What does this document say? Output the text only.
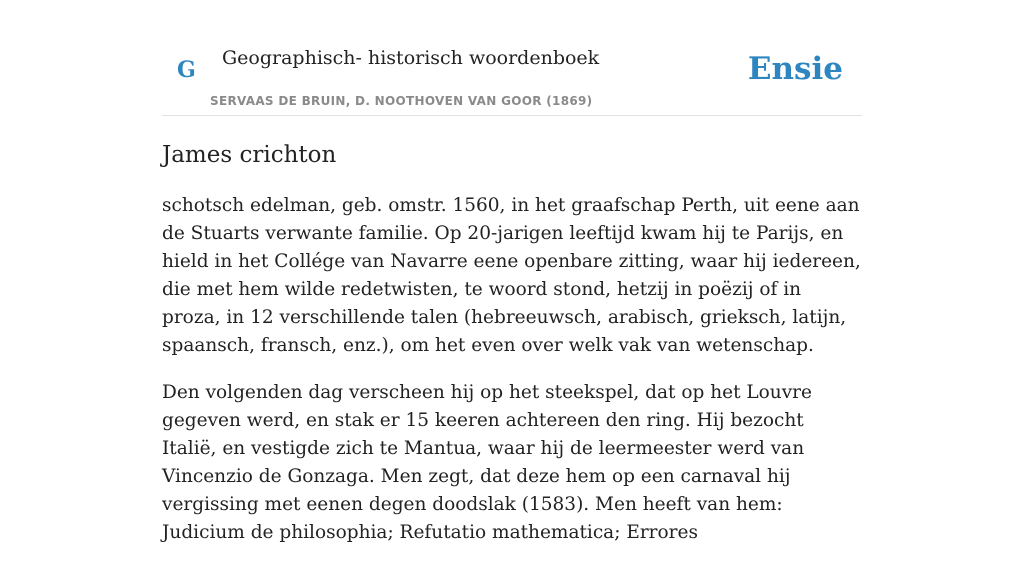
G Geographisch- historisch woordenboek
SERVAAS DE BRUIN, D. NOOTHOVEN VAN GOOR (1869)
Ensie
James crichton

schotsch edelman, geb. omstr. 1560, in het graafschap Perth, uit eene aan de Stuarts verwante familie. Op 20-jarigen leeftijd kwam hij te Parijs, en hield in het Collége van Navarre eene openbare zitting, waar hij iedereen, die met hem wilde redetwisten, te woord stond, hetzij in poëzij of in proza, in 12 verschillende talen (hebreeuwsch, arabisch, grieksch, latijn, spaansch, fransch, enz.), om het even over welk vak van wetenschap.

Den volgenden dag verscheen hij op het steekspel, dat op het Louvre gegeven werd, en stak er 15 keeren achtereen den ring. Hij bezocht Italië, en vestigde zich te Mantua, waar hij de leermeester werd van Vincenzio de Gonzaga. Men zegt, dat deze hem op een carnaval hij vergissing met eenen degen doodslak (1583). Men heeft van hem: Judicium de philosophia; Refutatio mathematica; Errores
